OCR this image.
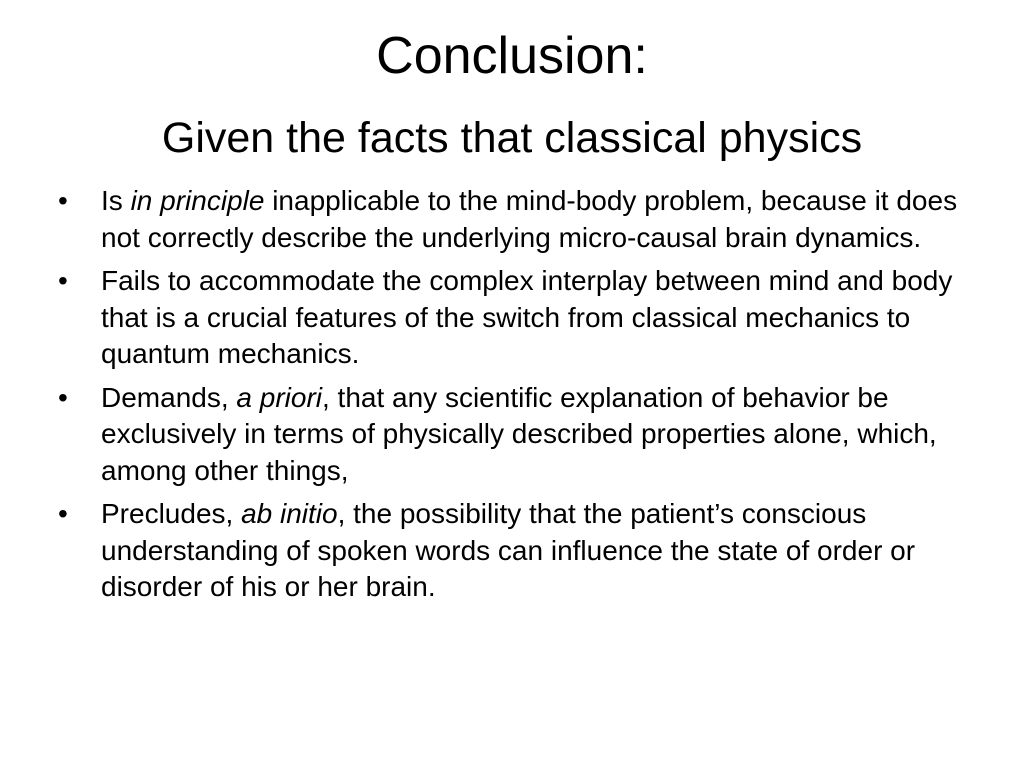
Conclusion:
Given the facts that classical physics
•	Is in principle inapplicable to the mind-body problem, because it does not correctly describe the underlying micro-causal brain dynamics.
•	Fails to accommodate the complex interplay between mind and body that is a crucial features of the switch from classical mechanics to quantum mechanics.
•	Demands, a priori, that any scientific explanation of behavior be exclusively in terms of physically described properties alone, which, among other things,
•	Precludes, ab initio, the possibility that the patient’s conscious understanding of spoken words can influence the state of order or disorder of his or her brain.
